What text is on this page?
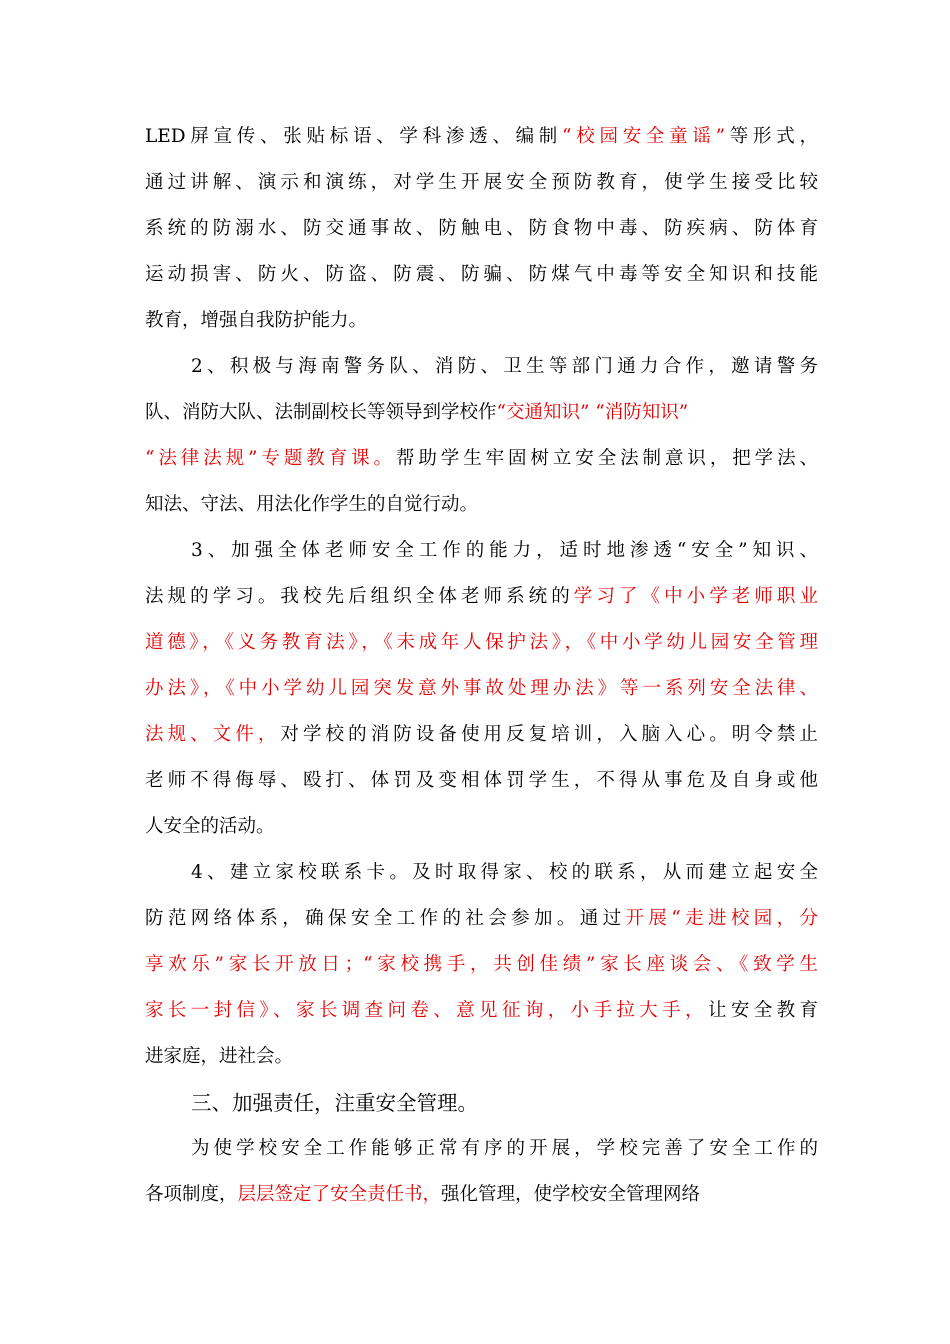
LED屏宣传、张贴标语、学科渗透、编制“校园安全童谣”等形式，
通过讲解、演示和演练，对学生开展安全预防教育，使学生接受比较
系统的防溺水、防交通事故、防触电、防食物中毒、防疾病、防体育
运动损害、防火、防盗、防震、防骗、防煤气中毒等安全知识和技能
教育，增强自我防护能力。
2、积极与海南警务队、消防、卫生等部门通力合作，邀请警务
队、消防大队、法制副校长等领导到学校作“交通知识” “消防知识”
“法律法规”专题教育课。帮助学生牢固树立安全法制意识，把学法、
知法、守法、用法化作学生的自觉行动。
3、加强全体老师安全工作的能力，适时地渗透“安全”知识、
法规的学习。我校先后组织全体老师系统的学习了《中小学老师职业
道德》，《义务教育法》，《未成年人保护法》，《中小学幼儿园安全管理
办法》，《中小学幼儿园突发意外事故处理办法》等一系列安全法律、
法规、文件，对学校的消防设备使用反复培训，入脑入心。明令禁止
老师不得侮辱、殴打、体罚及变相体罚学生，不得从事危及自身或他
人安全的活动。
4、建立家校联系卡。及时取得家、校的联系，从而建立起安全
防范网络体系，确保安全工作的社会参加。通过开展“走进校园，分
享欢乐”家长开放日；“家校携手，共创佳绩”家长座谈会、《致学生
家长一封信》、家长调查问卷、意见征询，小手拉大手，让安全教育
进家庭，进社会。
三、加强责任，注重安全管理。
为使学校安全工作能够正常有序的开展，学校完善了安全工作的
各项制度，层层签定了安全责任书，强化管理，使学校安全管理网络
